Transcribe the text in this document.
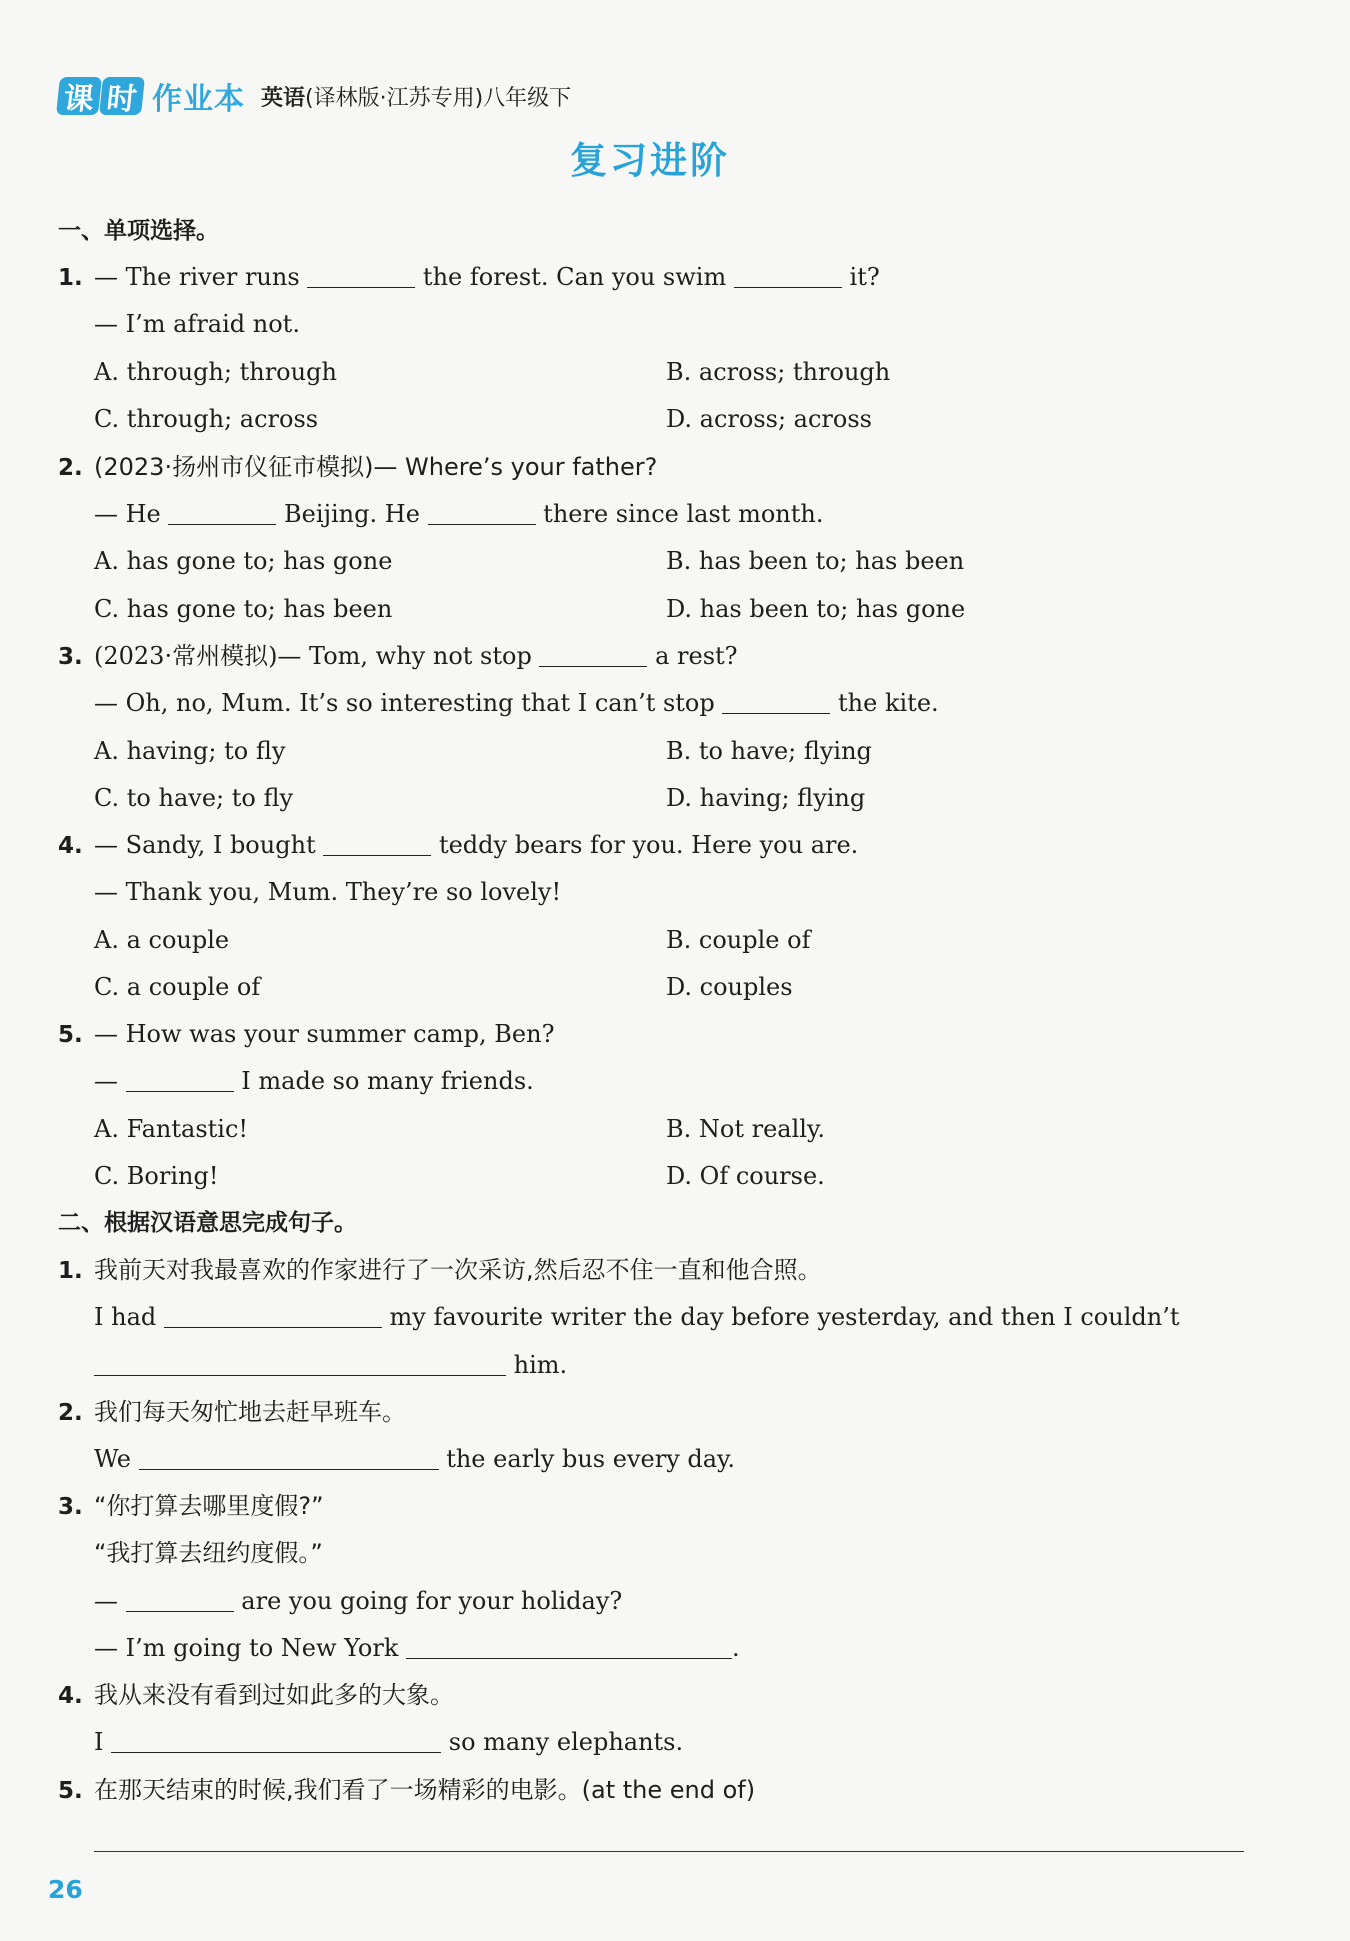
课 时 作业本 英语(译林版·江苏专用)八年级下
复习进阶
一、单项选择。
1. — The river runs	the forest. Can you swim	it?
— I’m afraid not.
A. through; through	B. across; through
C. through; across	D. across; across
2. (2023·扬州市仪征市模拟)— Where’s your father?
— He	Beijing. He	there since last month.
A. has gone to; has gone	B. has been to; has been
C. has gone to; has been	D. has been to; has gone
3. (2023·常州模拟)— Tom, why not stop	a rest?
— Oh, no, Mum. It’s so interesting that I can’t stop	the kite.
A. having; to fly	B. to have; flying
C. to have; to fly	D. having; flying
4. — Sandy, I bought	teddy bears for you. Here you are.
— Thank you, Mum. They’re so lovely!
A. a couple	B. couple of
C. a couple of	D. couples
5. — How was your summer camp, Ben?
—	I made so many friends.
A. Fantastic!	B. Not really.
C. Boring!	D. Of course.
二、根据汉语意思完成句子。
1. 我前天对我最喜欢的作家进行了一次采访,然后忍不住一直和他合照。
I had	my favourite writer the day before yesterday, and then I couldn’t
him.
2. 我们每天匆忙地去赶早班车。
We	the early bus every day.
3. “你打算去哪里度假?”
“我打算去纽约度假。”
—	are you going for your holiday?
— I’m going to New York	.
4. 我从来没有看到过如此多的大象。
I	so many elephants.
5. 在那天结束的时候,我们看了一场精彩的电影。(at the end of)
26
